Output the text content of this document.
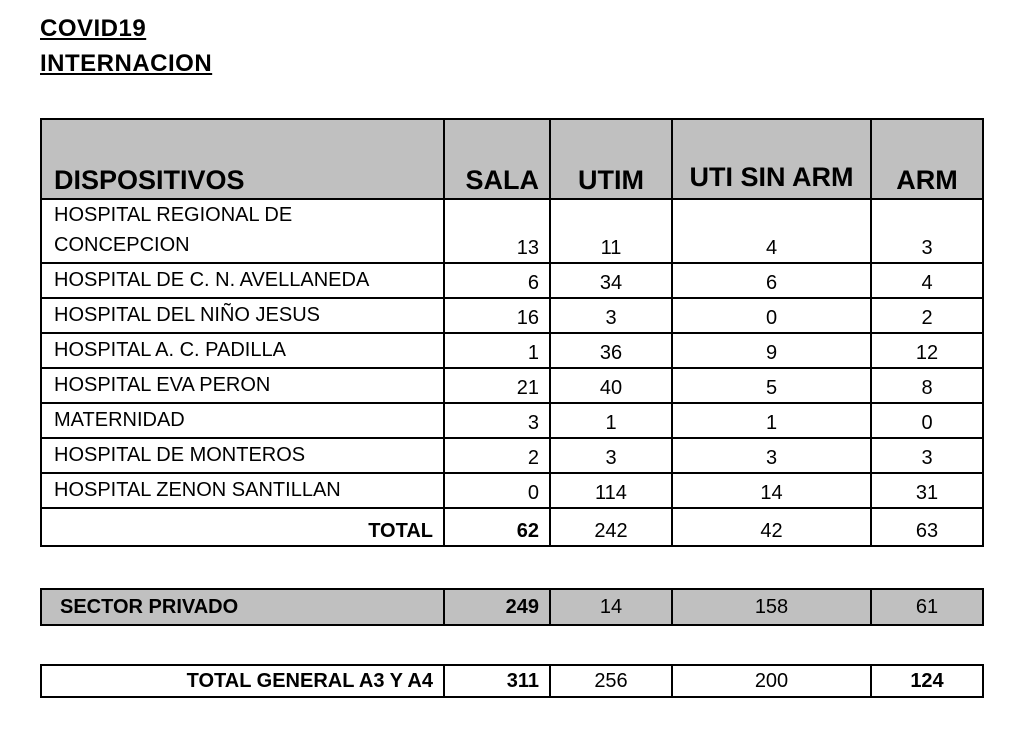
COVID19
INTERNACION
DISPOSITIVOS	SALA	UTIM	UTI SIN ARM	ARM
HOSPITAL REGIONAL DE CONCEPCION	13	11	4	3
HOSPITAL DE C. N. AVELLANEDA	6	34	6	4
HOSPITAL DEL NIÑO JESUS	16	3	0	2
HOSPITAL A. C. PADILLA	1	36	9	12
HOSPITAL EVA PERON	21	40	5	8
MATERNIDAD	3	1	1	0
HOSPITAL DE MONTEROS	2	3	3	3
HOSPITAL ZENON SANTILLAN	0	114	14	31
TOTAL	62	242	42	63
SECTOR PRIVADO	249	14	158	61
TOTAL GENERAL A3 Y A4	311	256	200	124
